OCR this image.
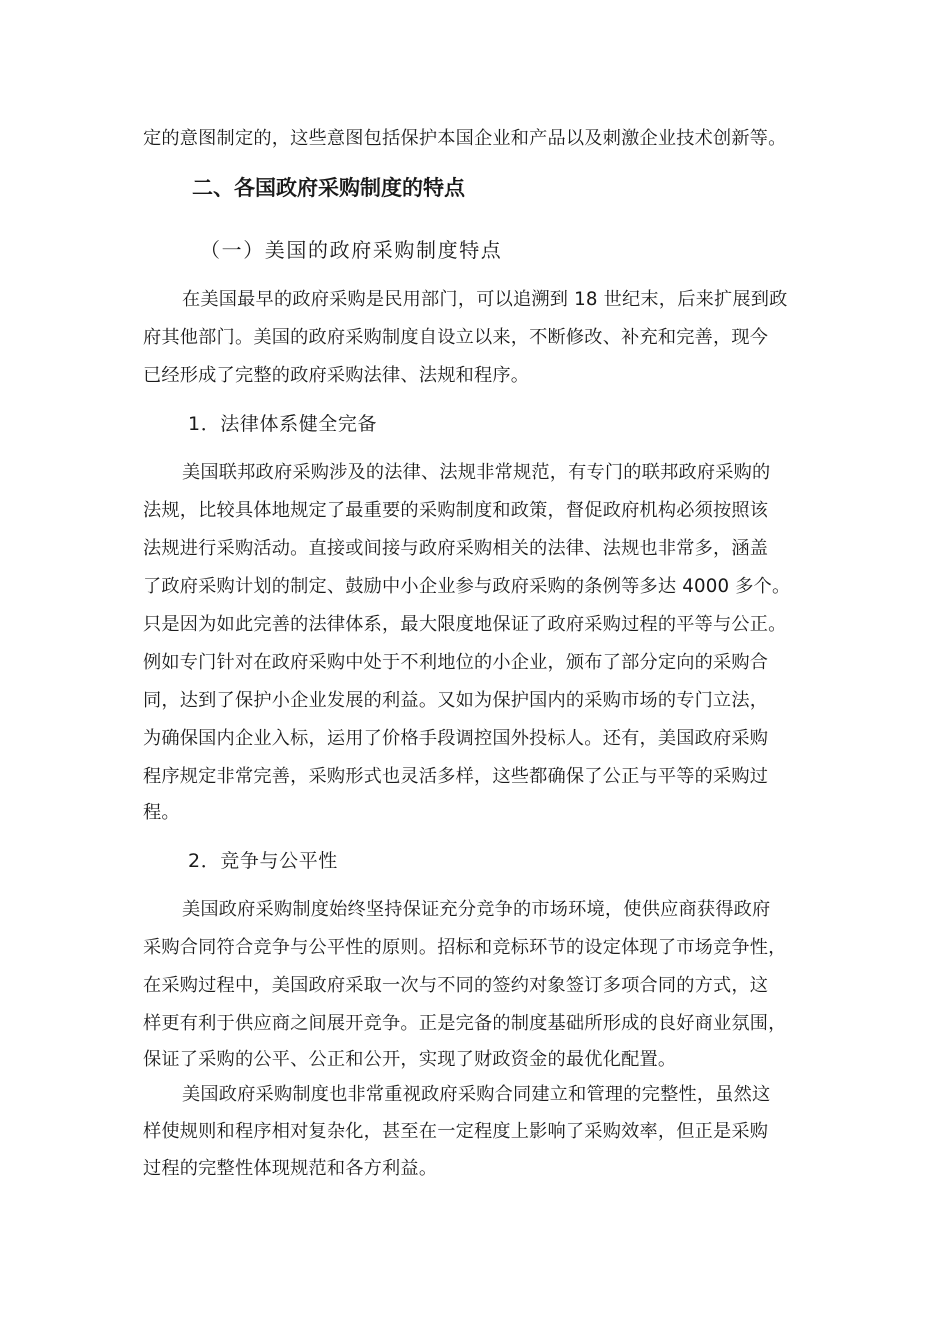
定的意图制定的，这些意图包括保护本国企业和产品以及刺激企业技术创新等。
二、各国政府采购制度的特点
（一）美国的政府采购制度特点
在美国最早的政府采购是民用部门，可以追溯到 18 世纪末，后来扩展到政
府其他部门。美国的政府采购制度自设立以来，不断修改、补充和完善，现今
已经形成了完整的政府采购法律、法规和程序。
1．法律体系健全完备
美国联邦政府采购涉及的法律、法规非常规范，有专门的联邦政府采购的
法规，比较具体地规定了最重要的采购制度和政策，督促政府机构必须按照该
法规进行采购活动。直接或间接与政府采购相关的法律、法规也非常多，涵盖
了政府采购计划的制定、鼓励中小企业参与政府采购的条例等多达 4000 多个。
只是因为如此完善的法律体系，最大限度地保证了政府采购过程的平等与公正。
例如专门针对在政府采购中处于不利地位的小企业，颁布了部分定向的采购合
同，达到了保护小企业发展的利益。又如为保护国内的采购市场的专门立法，
为确保国内企业入标，运用了价格手段调控国外投标人。还有，美国政府采购
程序规定非常完善，采购形式也灵活多样，这些都确保了公正与平等的采购过
程。
2．竞争与公平性
美国政府采购制度始终坚持保证充分竞争的市场环境，使供应商获得政府
采购合同符合竞争与公平性的原则。招标和竞标环节的设定体现了市场竞争性，
在采购过程中，美国政府采取一次与不同的签约对象签订多项合同的方式，这
样更有利于供应商之间展开竞争。正是完备的制度基础所形成的良好商业氛围，
保证了采购的公平、公正和公开，实现了财政资金的最优化配置。
美国政府采购制度也非常重视政府采购合同建立和管理的完整性，虽然这
样使规则和程序相对复杂化，甚至在一定程度上影响了采购效率，但正是采购
过程的完整性体现规范和各方利益。
